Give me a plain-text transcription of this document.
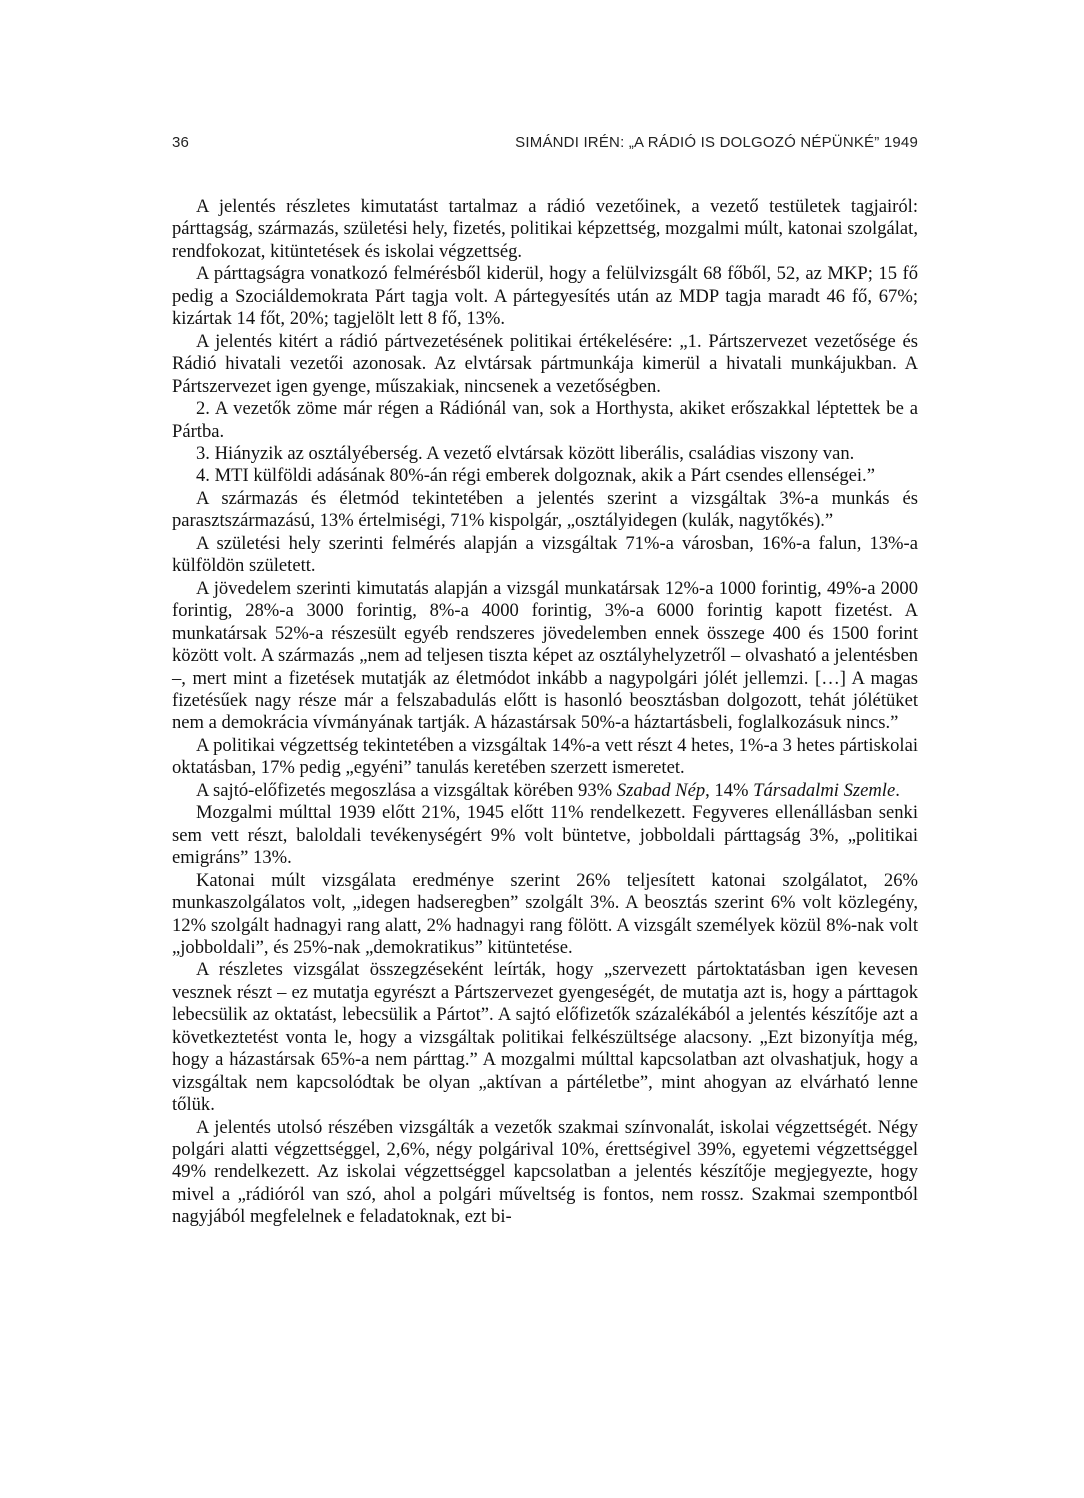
36	SIMÁNDI IRÉN: „A RÁDIÓ IS DOLGOZÓ NÉPÜNKÉ” 1949

A jelentés részletes kimutatást tartalmaz a rádió vezetőinek, a vezető testületek tagjairól: párttagság, származás, születési hely, fizetés, politikai képzettség, mozgalmi múlt, katonai szolgálat, rendfokozat, kitüntetések és iskolai végzettség.

A párttagságra vonatkozó felmérésből kiderül, hogy a felülvizsgált 68 főből, 52, az MKP; 15 fő pedig a Szociáldemokrata Párt tagja volt. A pártegyesítés után az MDP tagja maradt 46 fő, 67%; kizártak 14 főt, 20%; tagjelölt lett 8 fő, 13%.

A jelentés kitért a rádió pártvezetésének politikai értékelésére: „1. Pártszervezet vezetősége és Rádió hivatali vezetői azonosak. Az elvtársak pártmunkája kimerül a hivatali munkájukban. A Pártszervezet igen gyenge, műszakiak, nincsenek a vezetőségben.

2. A vezetők zöme már régen a Rádiónál van, sok a Horthysta, akiket erőszakkal léptettek be a Pártba.

3. Hiányzik az osztályéberség. A vezető elvtársak között liberális, családias viszony van.

4. MTI külföldi adásának 80%-án régi emberek dolgoznak, akik a Párt csendes ellenségei.”

A származás és életmód tekintetében a jelentés szerint a vizsgáltak 3%-a munkás és parasztszármazású, 13% értelmiségi, 71% kispolgár, „osztályidegen (kulák, nagytőkés).”

A születési hely szerinti felmérés alapján a vizsgáltak 71%-a városban, 16%-a falun, 13%-a külföldön született.

A jövedelem szerinti kimutatás alapján a vizsgál munkatársak 12%-a 1000 forintig, 49%-a 2000 forintig, 28%-a 3000 forintig, 8%-a 4000 forintig, 3%-a 6000 forintig kapott fizetést. A munkatársak 52%-a részesült egyéb rendszeres jövedelemben ennek összege 400 és 1500 forint között volt. A származás „nem ad teljesen tiszta képet az osztályhelyzetről – olvasható a jelentésben –, mert mint a fizetések mutatják az életmódot inkább a nagypolgári jólét jellemzi. […] A magas fizetésűek nagy része már a felszabadulás előtt is hasonló beosztásban dolgozott, tehát jólétüket nem a demokrácia vívmányának tartják. A házastársak 50%-a háztartásbeli, foglalkozásuk nincs.”

A politikai végzettség tekintetében a vizsgáltak 14%-a vett részt 4 hetes, 1%-a 3 hetes pártiskolai oktatásban, 17% pedig „egyéni” tanulás keretében szerzett ismeretet.

A sajtó-előfizetés megoszlása a vizsgáltak körében 93% Szabad Nép, 14% Társadalmi Szemle.

Mozgalmi múlttal 1939 előtt 21%, 1945 előtt 11% rendelkezett. Fegyveres ellenállásban senki sem vett részt, baloldali tevékenységért 9% volt büntetve, jobboldali párttagság 3%, „politikai emigráns” 13%.

Katonai múlt vizsgálata eredménye szerint 26% teljesített katonai szolgálatot, 26% munkaszolgálatos volt, „idegen hadseregben” szolgált 3%. A beosztás szerint 6% volt közlegény, 12% szolgált hadnagyi rang alatt, 2% hadnagyi rang fölött. A vizsgált személyek közül 8%-nak volt „jobboldali”, és 25%-nak „demokratikus” kitüntetése.

A részletes vizsgálat összegzéseként leírták, hogy „szervezett pártoktatásban igen kevesen vesznek részt – ez mutatja egyrészt a Pártszervezet gyengeségét, de mutatja azt is, hogy a párttagok lebecsülik az oktatást, lebecsülik a Pártot”. A sajtó előfizetők százalékából a jelentés készítője azt a következtetést vonta le, hogy a vizsgáltak politikai felkészültsége alacsony. „Ezt bizonyítja még, hogy a házastársak 65%-a nem párttag.” A mozgalmi múlttal kapcsolatban azt olvashatjuk, hogy a vizsgáltak nem kapcsolódtak be olyan „aktívan a pártéletbe”, mint ahogyan az elvárható lenne tőlük.

A jelentés utolsó részében vizsgálták a vezetők szakmai színvonalát, iskolai végzettségét. Négy polgári alatti végzettséggel, 2,6%, négy polgárival 10%, érettségivel 39%, egyetemi végzettséggel 49% rendelkezett. Az iskolai végzettséggel kapcsolatban a jelentés készítője megjegyezte, hogy mivel a „rádióról van szó, ahol a polgári műveltség is fontos, nem rossz. Szakmai szempontból nagyjából megfelelnek e feladatoknak, ezt bi-
